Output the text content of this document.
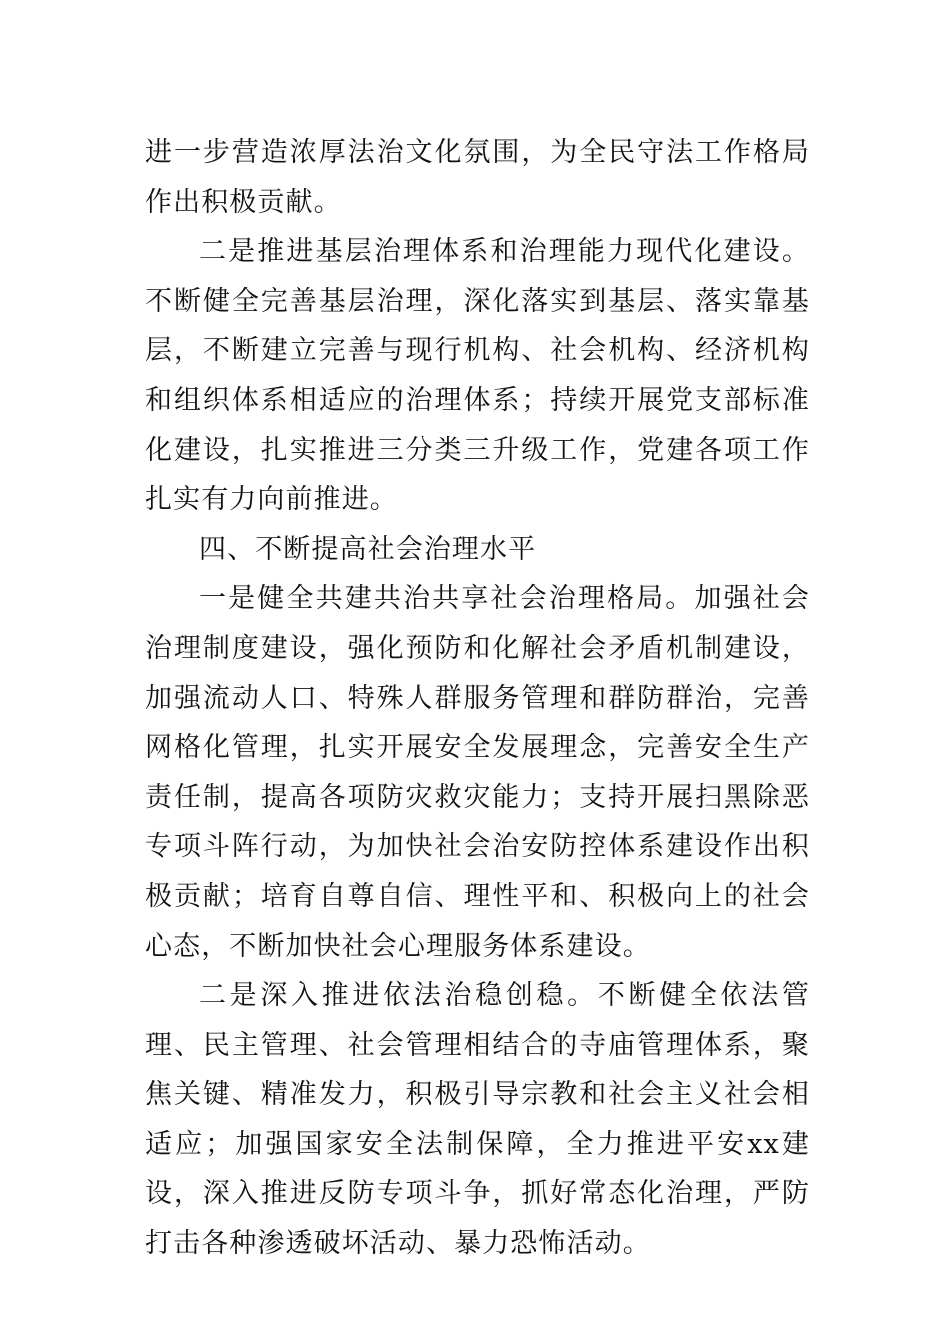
进一步营造浓厚法治文化氛围，为全民守法工作格局作出积极贡献。

二是推进基层治理体系和治理能力现代化建设。不断健全完善基层治理，深化落实到基层、落实靠基层，不断建立完善与现行机构、社会机构、经济机构和组织体系相适应的治理体系；持续开展党支部标准化建设，扎实推进三分类三升级工作，党建各项工作扎实有力向前推进。

四、不断提高社会治理水平

一是健全共建共治共享社会治理格局。加强社会治理制度建设，强化预防和化解社会矛盾机制建设，加强流动人口、特殊人群服务管理和群防群治，完善网格化管理，扎实开展安全发展理念，完善安全生产责任制，提高各项防灾救灾能力；支持开展扫黑除恶专项斗阵行动，为加快社会治安防控体系建设作出积极贡献；培育自尊自信、理性平和、积极向上的社会心态，不断加快社会心理服务体系建设。

二是深入推进依法治稳创稳。不断健全依法管理、民主管理、社会管理相结合的寺庙管理体系，聚焦关键、精准发力，积极引导宗教和社会主义社会相适应；加强国家安全法制保障，全力推进平安xx建设，深入推进反防专项斗争，抓好常态化治理，严防打击各种渗透破坏活动、暴力恐怖活动。
